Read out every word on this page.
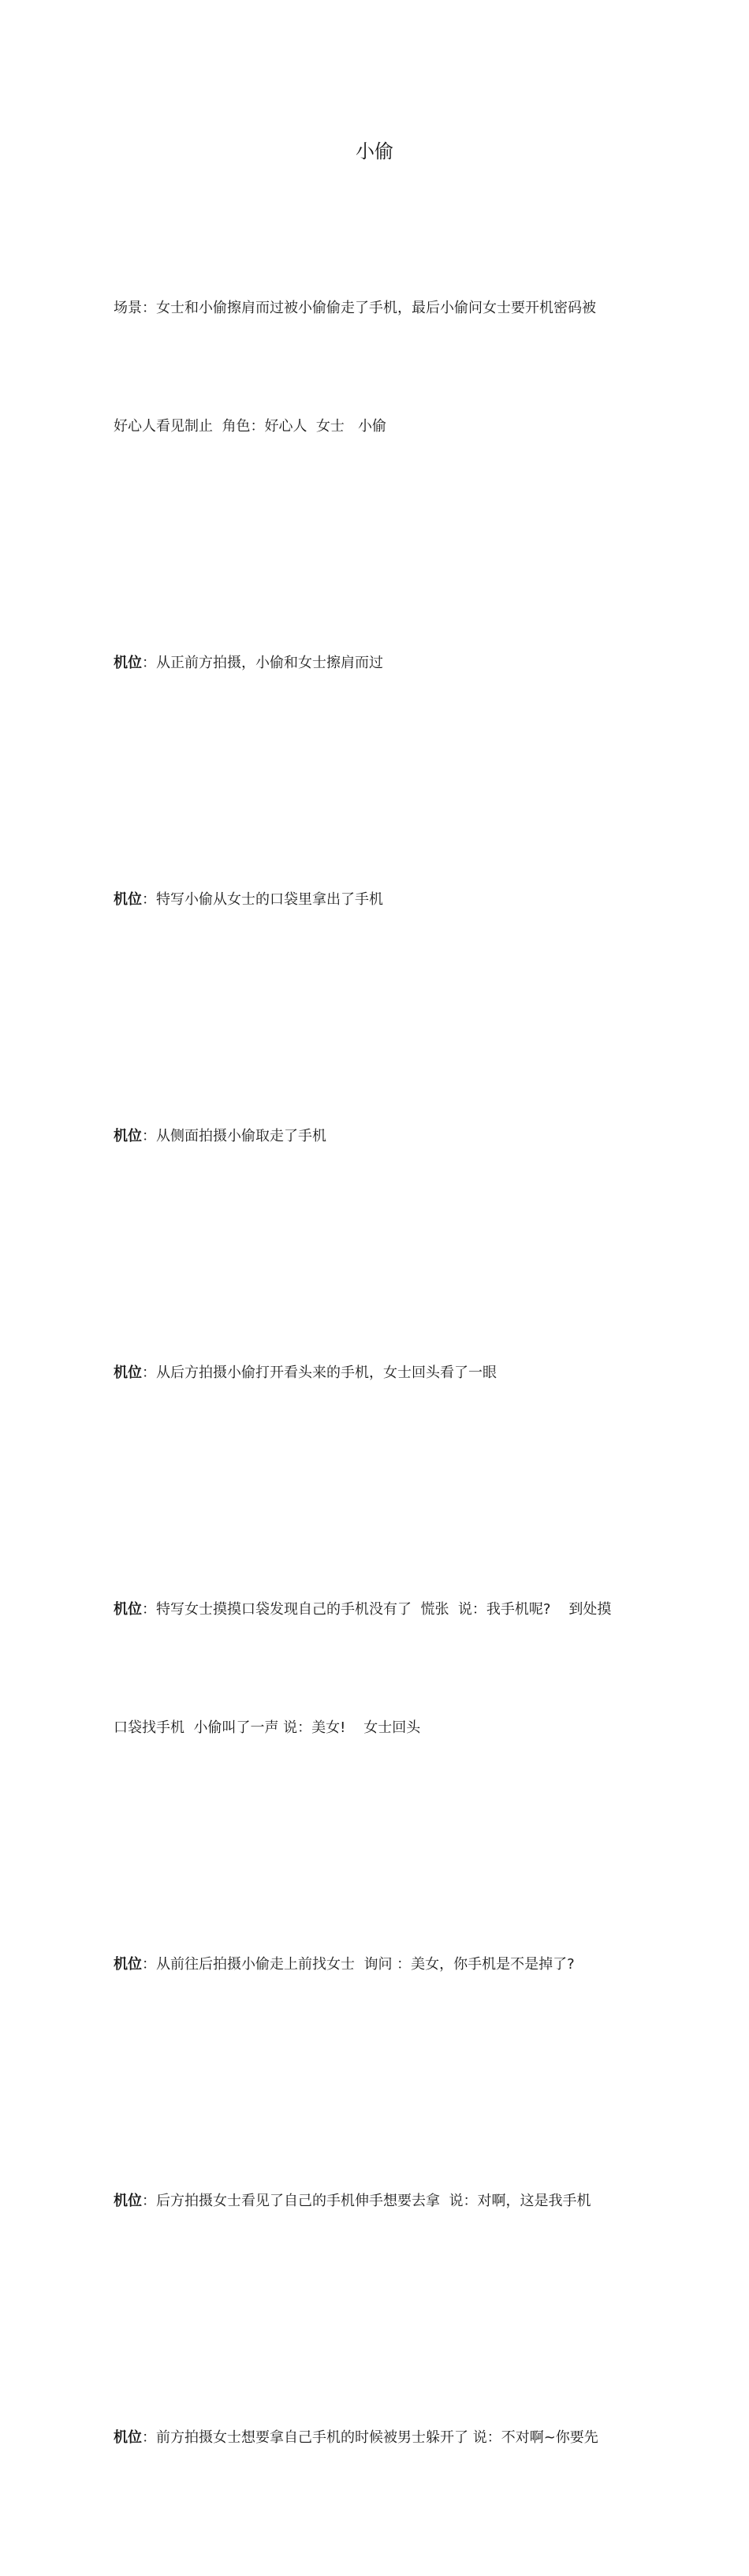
小偷

场景：女士和小偷擦肩而过被小偷偷走了手机，最后小偷问女士要开机密码被

好心人看见制止  角色：好心人  女士   小偷

机位：从正前方拍摄，小偷和女士擦肩而过

机位：特写小偷从女士的口袋里拿出了手机

机位：从侧面拍摄小偷取走了手机

机位：从后方拍摄小偷打开看头来的手机，女士回头看了一眼

机位：特写女士摸摸口袋发现自己的手机没有了  慌张  说：我手机呢?    到处摸

口袋找手机  小偷叫了一声 说：美女!    女士回头

机位：从前往后拍摄小偷走上前找女士  询问 ：美女，你手机是不是掉了?

机位：后方拍摄女士看见了自己的手机伸手想要去拿  说：对啊，这是我手机

机位：前方拍摄女士想要拿自己手机的时候被男士躲开了 说：不对啊~你要先
